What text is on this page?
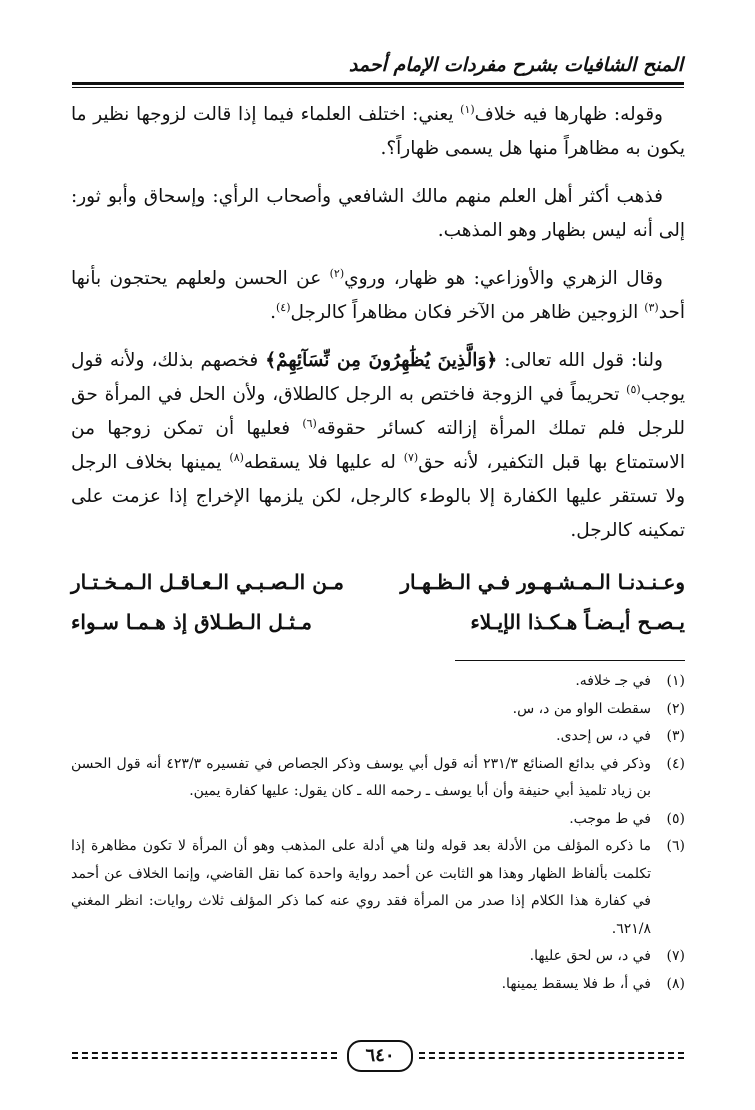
المنح الشافيات بشرح مفردات الإمام أحمد

وقوله: ظهارها فيه خلاف$^{(١)}$ يعني: اختلف العلماء فيما إذا قالت لزوجها نظير ما يكون به مظاهراً منها هل يسمى ظهاراً؟.

فذهب أكثر أهل العلم منهم مالك الشافعي وأصحاب الرأي: وإسحاق وأبو ثور: إلى أنه ليس بظهار وهو المذهب.

وقال الزهري والأوزاعي: هو ظهار، وروي$^{(٢)}$ عن الحسن ولعلهم يحتجون بأنها أحد$^{(٣)}$ الزوجين ظاهر من الآخر فكان مظاهراً كالرجل$^{(٤)}$.

ولنا: قول الله تعالى: ﴿وَالَّذِينَ يُظَٰهِرُونَ مِن نِّسَآئِهِمْ﴾ فخصهم بذلك، ولأنه قول يوجب$^{(٥)}$ تحريماً في الزوجة فاختص به الرجل كالطلاق، ولأن الحل في المرأة حق للرجل فلم تملك المرأة إزالته كسائر حقوقه$^{(٦)}$ فعليها أن تمكن زوجها من الاستمتاع بها قبل التكفير، لأنه حق$^{(٧)}$ له عليها فلا يسقطه$^{(٨)}$ يمينها بخلاف الرجل ولا تستقر عليها الكفارة إلا بالوطء كالرجل، لكن يلزمها الإخراج إذا عزمت على تمكينه كالرجل.

وعـنـدنـا الـمـشـهـور فـي الـظـهـار
مـن الـصـبـي الـعـاقـل الـمـخـتـار
يـصـح أيـضـاً هـكـذا الإيـلاء
مـثـل الـطـلاق إذ هـمـا سـواء
(١)
في جـ خلافه.
(٢)
سقطت الواو من د، س.
(٣)
في د، س إحدى.
(٤)
وذكر في بدائع الصنائع ٢٣١/٣ أنه قول أبي يوسف وذكر الجصاص في تفسيره ٤٢٣/٣ أنه قول الحسن بن زياد تلميذ أبي حنيفة وأن أبا يوسف ـ رحمه الله ـ كان يقول: عليها كفارة يمين.
(٥)
في ط موجب.
(٦)
ما ذكره المؤلف من الأدلة بعد قوله ولنا هي أدلة على المذهب وهو أن المرأة لا تكون مظاهرة إذا تكلمت بألفاظ الظهار وهذا هو الثابت عن أحمد رواية واحدة كما نقل القاضي، وإنما الخلاف عن أحمد في كفارة هذا الكلام إذا صدر من المرأة فقد روي عنه كما ذكر المؤلف ثلاث روايات: انظر المغني ٦٢١/٨.
(٧)
في د، س لحق عليها.
(٨)
في أ، ط فلا يسقط يمينها.
٦٤٠
